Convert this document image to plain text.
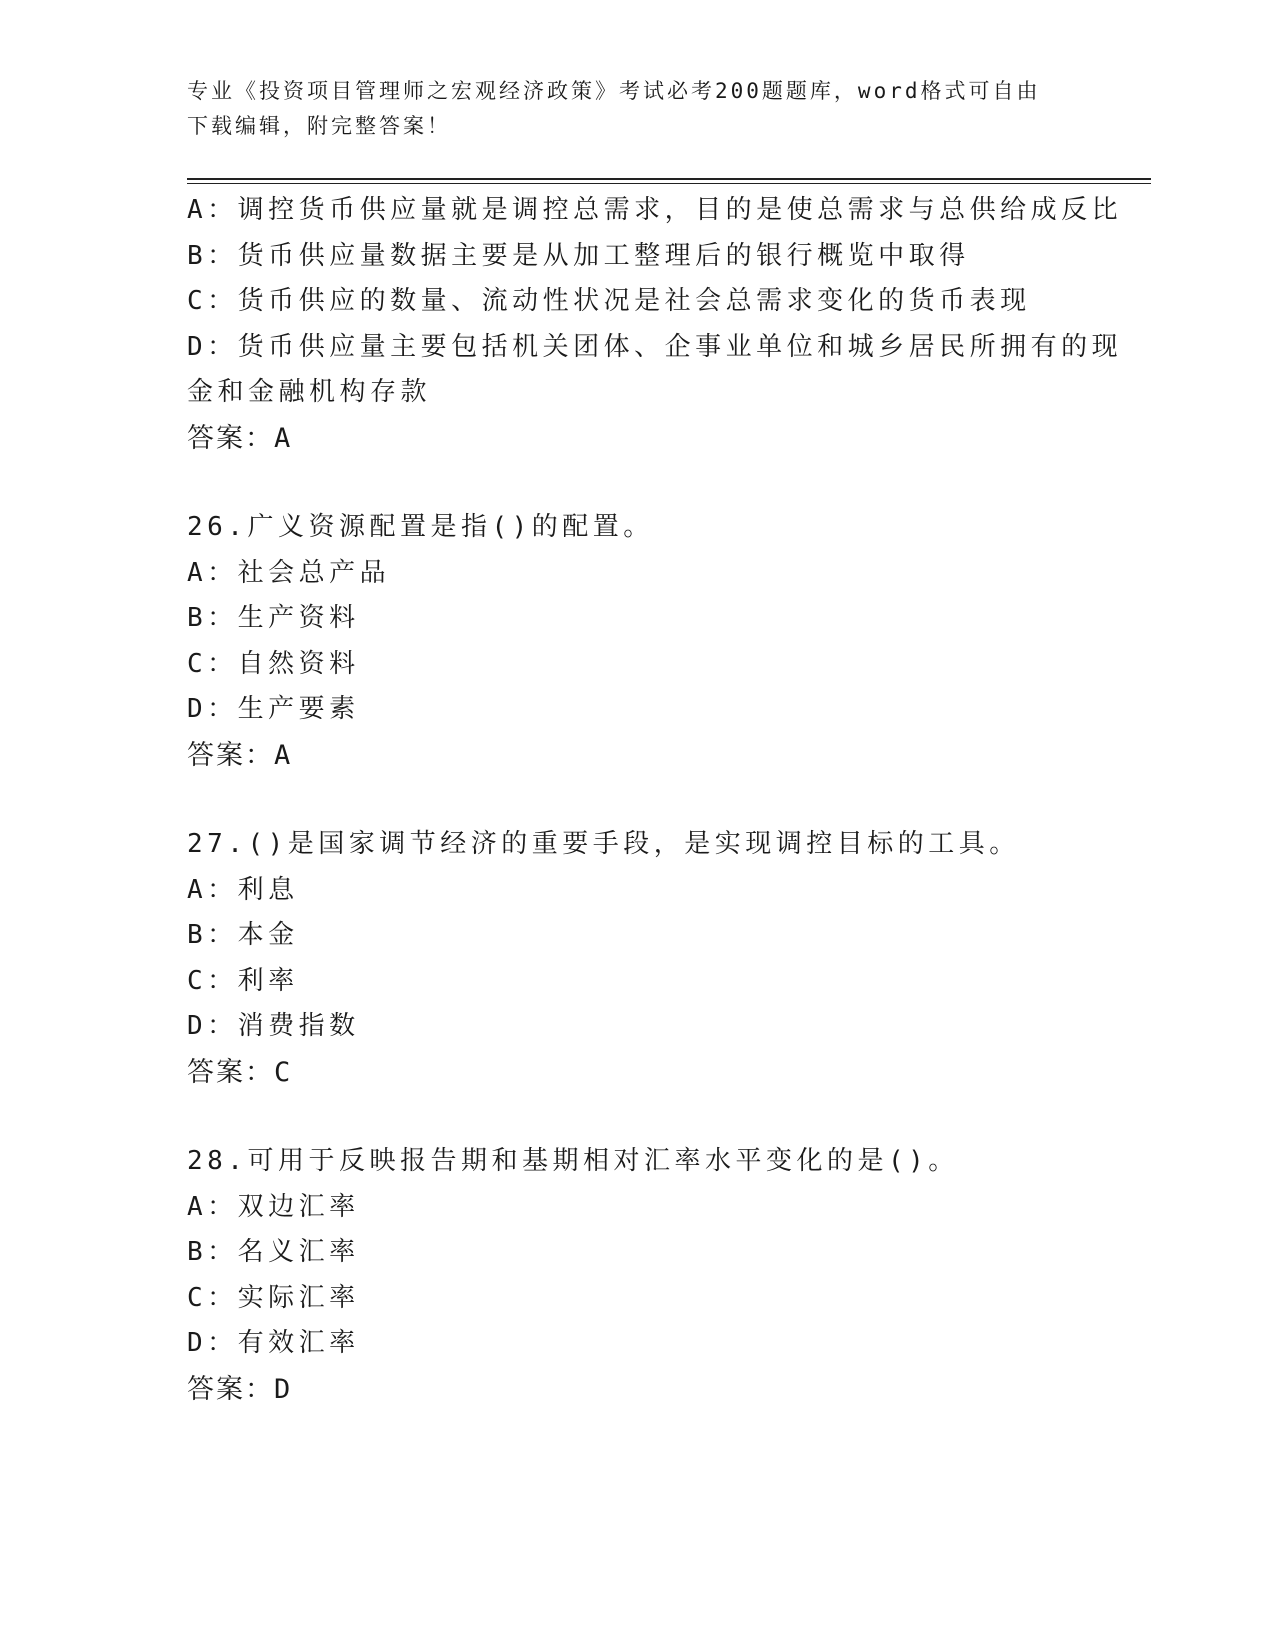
专业《投资项目管理师之宏观经济政策》考试必考200题题库，word格式可自由
下载编辑，附完整答案！
A：调控货币供应量就是调控总需求，目的是使总需求与总供给成反比
B：货币供应量数据主要是从加工整理后的银行概览中取得
C：货币供应的数量、流动性状况是社会总需求变化的货币表现
D：货币供应量主要包括机关团体、企事业单位和城乡居民所拥有的现
金和金融机构存款
答案：A
26.广义资源配置是指()的配置。
A：社会总产品
B：生产资料
C：自然资料
D：生产要素
答案：A
27.()是国家调节经济的重要手段，是实现调控目标的工具。
A：利息
B：本金
C：利率
D：消费指数
答案：C
28.可用于反映报告期和基期相对汇率水平变化的是()。
A：双边汇率
B：名义汇率
C：实际汇率
D：有效汇率
答案：D
